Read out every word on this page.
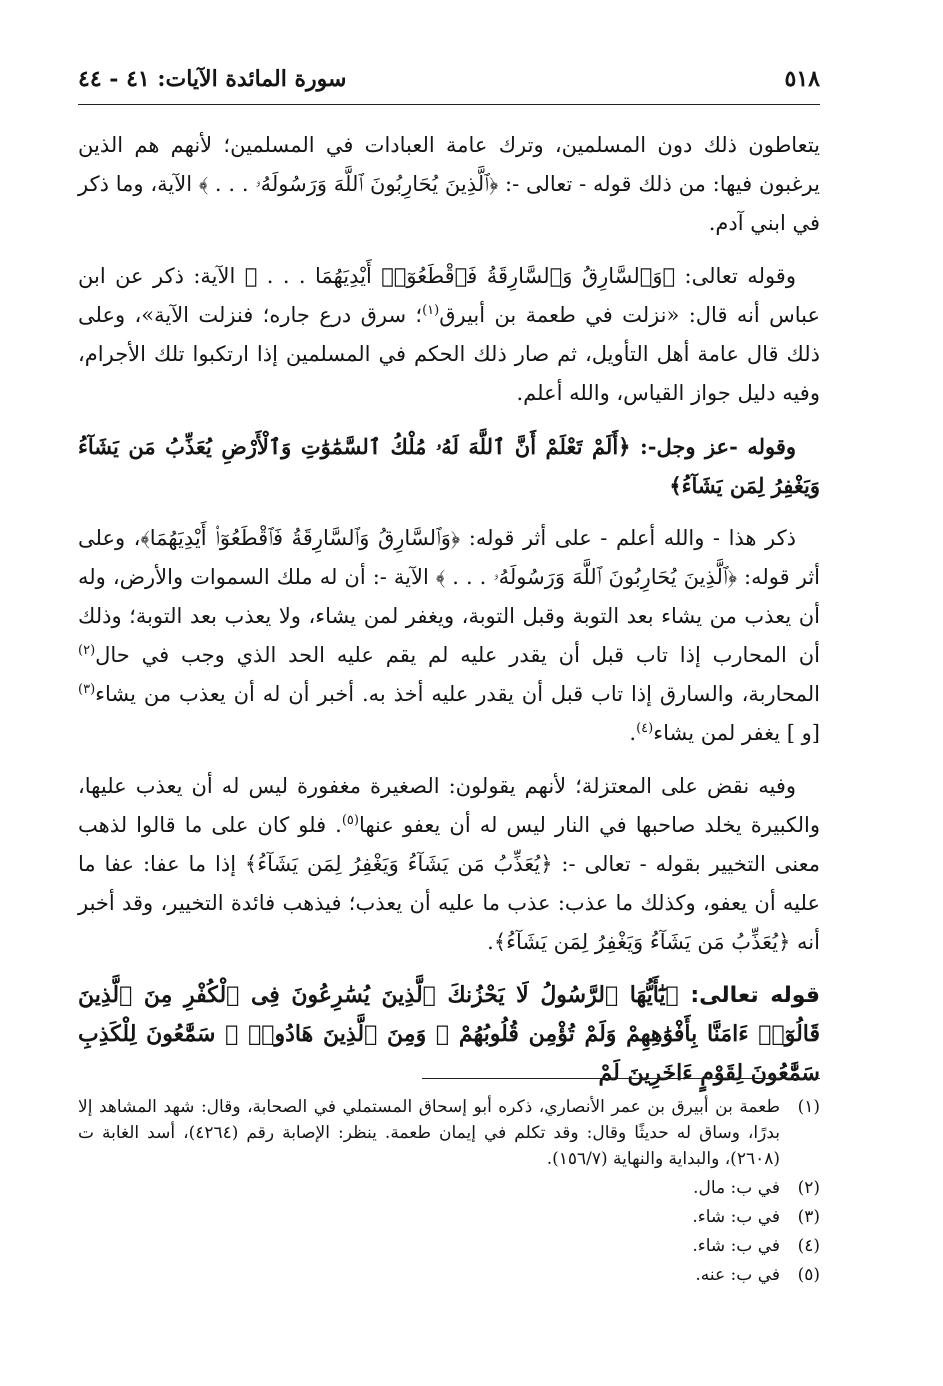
٥١٨
سورة المائدة الآيات: ٤١ - ٤٤

يتعاطون ذلك دون المسلمين، وترك عامة العبادات في المسلمين؛ لأنهم هم الذين يرغبون فيها: من ذلك قوله - تعالى -: ﴿ٱلَّذِينَ يُحَارِبُونَ ٱللَّهَ وَرَسُولَهُۥ . . . ﴾ الآية، وما ذكر في ابني آدم.

وقوله تعالى: ﴿وَٱلسَّارِقُ وَٱلسَّارِقَةُ فَٱقْطَعُوٓا۟ أَيْدِيَهُمَا . . . ﴾ الآية: ذكر عن ابن عباس أنه قال: «نزلت في طعمة بن أبيرق$^{(١)}$؛ سرق درع جاره؛ فنزلت الآية»، وعلى ذلك قال عامة أهل التأويل، ثم صار ذلك الحكم في المسلمين إذا ارتكبوا تلك الأجرام، وفيه دليل جواز القياس، والله أعلم.

وقوله -عز وجل-: ﴿أَلَمْ تَعْلَمْ أَنَّ ٱللَّهَ لَهُۥ مُلْكُ ٱلسَّمَٰوَٰتِ وَٱلْأَرْضِ يُعَذِّبُ مَن يَشَآءُ وَيَغْفِرُ لِمَن يَشَآءُ﴾

ذكر هذا - والله أعلم - على أثر قوله: ﴿وَٱلسَّارِقُ وَٱلسَّارِقَةُ فَٱقْطَعُوٓا۟ أَيْدِيَهُمَا﴾، وعلى أثر قوله: ﴿ٱلَّذِينَ يُحَارِبُونَ ٱللَّهَ وَرَسُولَهُۥ . . . ﴾ الآية -: أن له ملك السموات والأرض، وله أن يعذب من يشاء بعد التوبة وقبل التوبة، ويغفر لمن يشاء، ولا يعذب بعد التوبة؛ وذلك أن المحارب إذا تاب قبل أن يقدر عليه لم يقم عليه الحد الذي وجب في حال$^{(٢)}$ المحاربة، والسارق إذا تاب قبل أن يقدر عليه أخذ به. أخبر أن له أن يعذب من يشاء$^{(٣)}$ [و ] يغفر لمن يشاء$^{(٤)}$.

وفيه نقض على المعتزلة؛ لأنهم يقولون: الصغيرة مغفورة ليس له أن يعذب عليها، والكبيرة يخلد صاحبها في النار ليس له أن يعفو عنها$^{(٥)}$. فلو كان على ما قالوا لذهب معنى التخيير بقوله - تعالى -: ﴿يُعَذِّبُ مَن يَشَآءُ وَيَغْفِرُ لِمَن يَشَآءُ﴾ إذا ما عفا: عفا ما عليه أن يعفو، وكذلك ما عذب: عذب ما عليه أن يعذب؛ فيذهب فائدة التخيير، وقد أخبر أنه ﴿يُعَذِّبُ مَن يَشَآءُ وَيَغْفِرُ لِمَن يَشَآءُ﴾.

قوله تعالى: ﴿يَٰٓأَيُّهَا ٱلرَّسُولُ لَا يَحْزُنكَ ٱلَّذِينَ يُسَٰرِعُونَ فِى ٱلْكُفْرِ مِنَ ٱلَّذِينَ قَالُوٓا۟ ءَامَنَّا بِأَفْوَٰهِهِمْ وَلَمْ تُؤْمِن قُلُوبُهُمْ ۛ وَمِنَ ٱلَّذِينَ هَادُوا۟ ۛ سَمَّٰعُونَ لِلْكَذِبِ سَمَّٰعُونَ لِقَوْمٍ ءَاخَرِينَ لَمْ

(١)
طعمة بن أبيرق بن عمر الأنصاري، ذكره أبو إسحاق المستملي في الصحابة، وقال: شهد المشاهد إلا بدرًا، وساق له حديثًا وقال: وقد تكلم في إيمان طعمة. ينظر: الإصابة رقم (٤٢٦٤)، أسد الغابة ت (٢٦٠٨)، والبداية والنهاية (١٥٦/٧).
(٢)
في ب: مال.
(٣)
في ب: شاء.
(٤)
في ب: شاء.
(٥)
في ب: عنه.
